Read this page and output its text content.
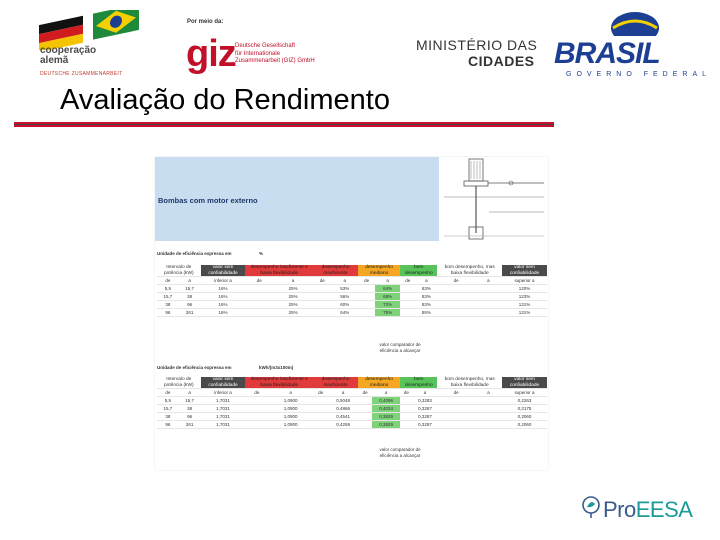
cooperação
alemã
DEUTSCHE ZUSAMMENARBEIT
Por meio da:
giz Deutsche Gesellschaft
für Internationale
Zusammenarbeit (GIZ) GmbH
MINISTÉRIO DAS
CIDADES BRASIL
GOVERNO FEDERAL
Avaliação do Rendimento
Bombas com motor externo
Unidade de eficiência expressa em	%
Intervalo de potência (kW)		valor sem confiabilidade	desempenho insuficiente e baixa flexibilidade		desempenho insuficiente		desempenho mediano		bom desempenho		bom desempenho, mas baixa flexibilidade		valor sem confiabilidade
de	a	inferior a	de	a	de	a	de	a	de	a	de	a	superior a
5,5	15,7	16%		25%		53%		64%		83%			120%
15,7	38	16%		25%		56%		68%		83%			123%
38	96	16%		25%		60%		72%		83%			131%
96	261	16%		25%		64%		75%		85%			131%
valor comparador de eficiência a alcançar
Unidade de eficiência expressa em	kWh/(m3x100m)
Intervalo de potência (kW)		valor sem confiabilidade	desempenho insuficiente e baixa flexibilidade		desempenho insuficiente		desempenho mediano		bom desempenho		bom desempenho, mas baixa flexibilidade		valor sem confiabilidade
de	a	inferior a	de	a	de	a	de	a	de	a	de	a	superior a
5,5	15,7	1,7031		1,0900		0,5048		0,4096		0,3283			0,2263
15,7	38	1,7031		1,0900		0,4866		0,4034		0,3287			0,2175
38	96	1,7031		1,0900		0,4541		0,3829		0,3287			0,2060
96	261	1,7031		1,0900		0,4259		0,3829		0,3287			0,2060
valor comparador de eficiência a alcançar
ProEESA
